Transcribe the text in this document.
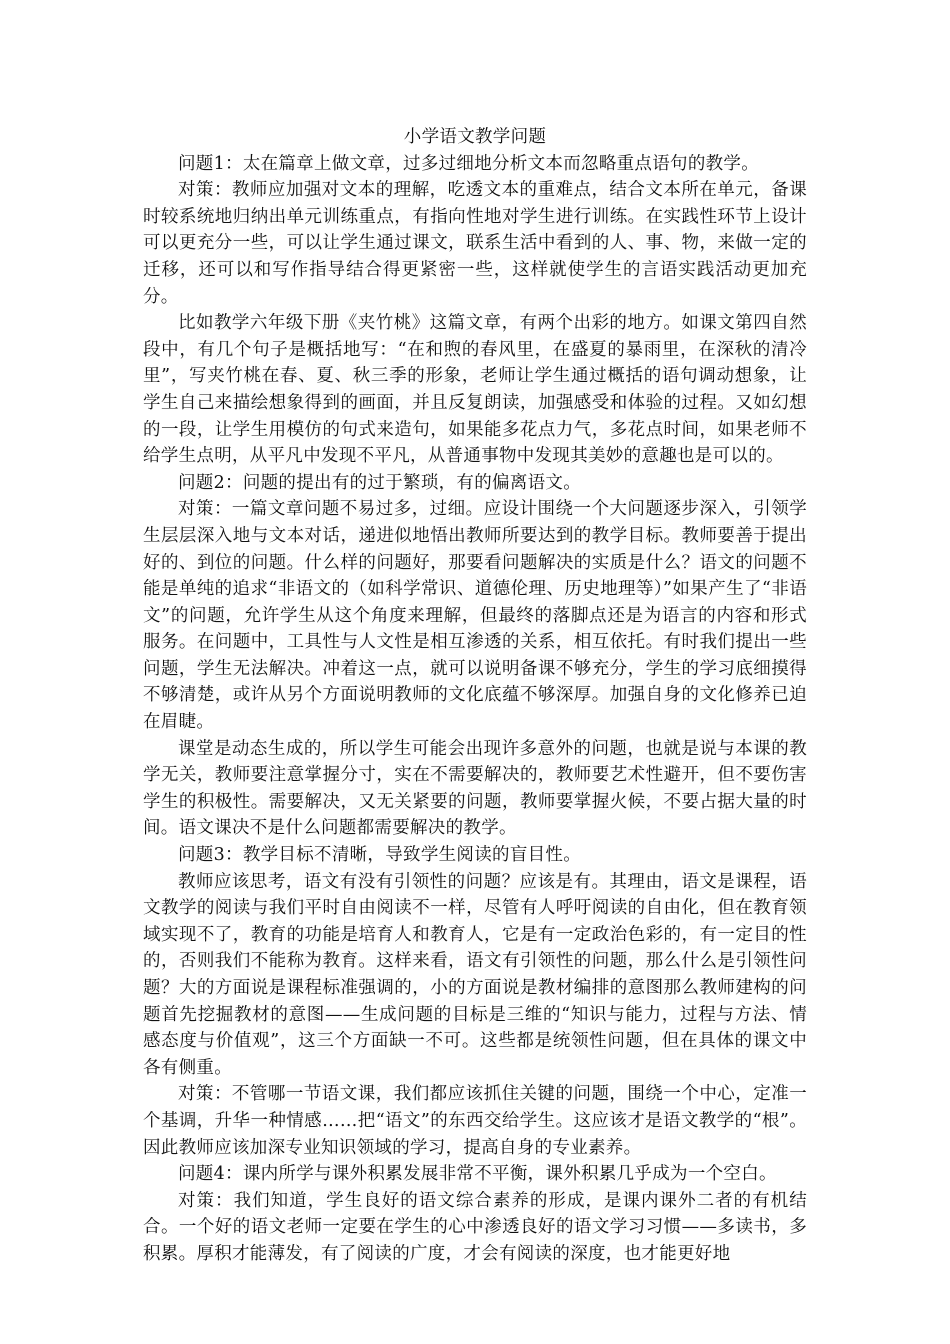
小学语文教学问题

问题1：太在篇章上做文章，过多过细地分析文本而忽略重点语句的教学。

对策：教师应加强对文本的理解，吃透文本的重难点，结合文本所在单元，备课时较系统地归纳出单元训练重点，有指向性地对学生进行训练。在实践性环节上设计可以更充分一些，可以让学生通过课文，联系生活中看到的人、事、物，来做一定的迁移，还可以和写作指导结合得更紧密一些，这样就使学生的言语实践活动更加充分。

比如教学六年级下册《夹竹桃》这篇文章，有两个出彩的地方。如课文第四自然段中，有几个句子是概括地写：“在和煦的春风里，在盛夏的暴雨里，在深秋的清冷里”，写夹竹桃在春、夏、秋三季的形象，老师让学生通过概括的语句调动想象，让学生自己来描绘想象得到的画面，并且反复朗读，加强感受和体验的过程。又如幻想的一段，让学生用模仿的句式来造句，如果能多花点力气，多花点时间，如果老师不给学生点明，从平凡中发现不平凡，从普通事物中发现其美妙的意趣也是可以的。

问题2：问题的提出有的过于繁琐，有的偏离语文。

对策：一篇文章问题不易过多，过细。应设计围绕一个大问题逐步深入，引领学生层层深入地与文本对话，递进似地悟出教师所要达到的教学目标。教师要善于提出好的、到位的问题。什么样的问题好，那要看问题解决的实质是什么？语文的问题不能是单纯的追求“非语文的（如科学常识、道德伦理、历史地理等）”如果产生了“非语文”的问题，允许学生从这个角度来理解，但最终的落脚点还是为语言的内容和形式服务。在问题中，工具性与人文性是相互渗透的关系，相互依托。有时我们提出一些问题，学生无法解决。冲着这一点，就可以说明备课不够充分，学生的学习底细摸得不够清楚，或许从另个方面说明教师的文化底蕴不够深厚。加强自身的文化修养已迫在眉睫。

课堂是动态生成的，所以学生可能会出现许多意外的问题，也就是说与本课的教学无关，教师要注意掌握分寸，实在不需要解决的，教师要艺术性避开，但不要伤害学生的积极性。需要解决，又无关紧要的问题，教师要掌握火候，不要占据大量的时间。语文课决不是什么问题都需要解决的教学。

问题3：教学目标不清晰，导致学生阅读的盲目性。

教师应该思考，语文有没有引领性的问题？应该是有。其理由，语文是课程，语文教学的阅读与我们平时自由阅读不一样，尽管有人呼吁阅读的自由化，但在教育领域实现不了，教育的功能是培育人和教育人，它是有一定政治色彩的，有一定目的性的，否则我们不能称为教育。这样来看，语文有引领性的问题，那么什么是引领性问题？大的方面说是课程标准强调的，小的方面说是教材编排的意图那么教师建构的问题首先挖掘教材的意图——生成问题的目标是三维的“知识与能力，过程与方法、情感态度与价值观”，这三个方面缺一不可。这些都是统领性问题，但在具体的课文中各有侧重。

对策：不管哪一节语文课，我们都应该抓住关键的问题，围绕一个中心，定准一个基调，升华一种情感……把“语文”的东西交给学生。这应该才是语文教学的“根”。因此教师应该加深专业知识领域的学习，提高自身的专业素养。

问题4：课内所学与课外积累发展非常不平衡，课外积累几乎成为一个空白。

对策：我们知道，学生良好的语文综合素养的形成，是课内课外二者的有机结合。一个好的语文老师一定要在学生的心中渗透良好的语文学习习惯——多读书，多积累。厚积才能薄发，有了阅读的广度，才会有阅读的深度，也才能更好地
